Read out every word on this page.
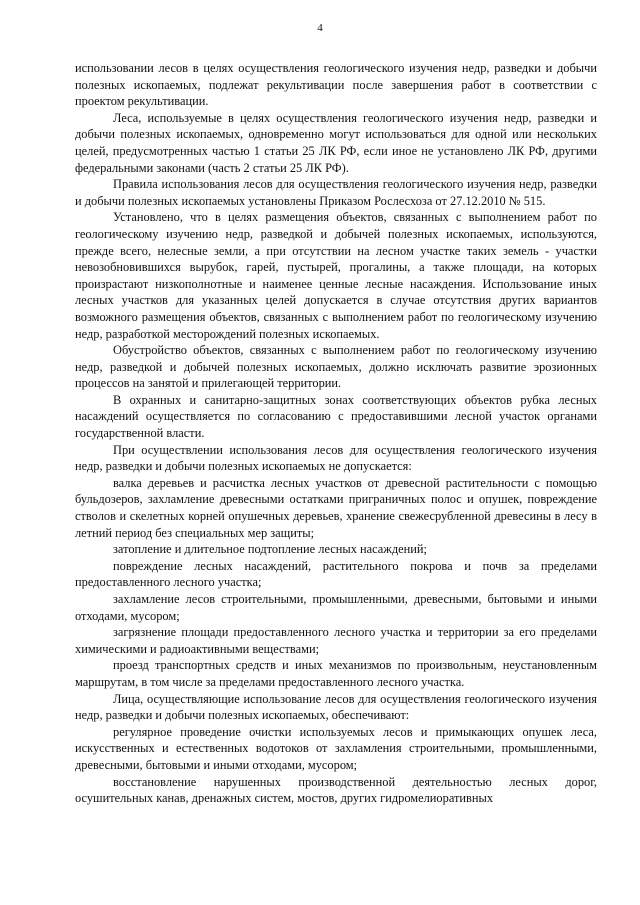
4

использовании лесов в целях осуществления геологического изучения недр, разведки и добычи полезных ископаемых, подлежат рекультивации после завершения работ в соответствии с проектом рекультивации.

Леса, используемые в целях осуществления геологического изучения недр, разведки и добычи полезных ископаемых, одновременно могут использоваться для одной или нескольких целей, предусмотренных частью 1 статьи 25 ЛК РФ, если иное не установлено ЛК РФ, другими федеральными законами (часть 2 статьи 25 ЛК РФ).

Правила использования лесов для осуществления геологического изучения недр, разведки и добычи полезных ископаемых установлены Приказом Рослесхоза от 27.12.2010 № 515.

Установлено, что в целях размещения объектов, связанных с выполнением работ по геологическому изучению недр, разведкой и добычей полезных ископаемых, используются, прежде всего, нелесные земли, а при отсутствии на лесном участке таких земель - участки невозобновившихся вырубок, гарей, пустырей, прогалины, а также площади, на которых произрастают низкополнотные и наименее ценные лесные насаждения. Использование иных лесных участков для указанных целей допускается в случае отсутствия других вариантов возможного размещения объектов, связанных с выполнением работ по геологическому изучению недр, разработкой месторождений полезных ископаемых.

Обустройство объектов, связанных с выполнением работ по геологическому изучению недр, разведкой и добычей полезных ископаемых, должно исключать развитие эрозионных процессов на занятой и прилегающей территории.

В охранных и санитарно-защитных зонах соответствующих объектов рубка лесных насаждений осуществляется по согласованию с предоставившими лесной участок органами государственной власти.

При осуществлении использования лесов для осуществления геологического изучения недр, разведки и добычи полезных ископаемых не допускается:

валка деревьев и расчистка лесных участков от древесной растительности с помощью бульдозеров, захламление древесными остатками приграничных полос и опушек, повреждение стволов и скелетных корней опушечных деревьев, хранение свежесрубленной древесины в лесу в летний период без специальных мер защиты;

затопление и длительное подтопление лесных насаждений;

повреждение лесных насаждений, растительного покрова и почв за пределами предоставленного лесного участка;

захламление лесов строительными, промышленными, древесными, бытовыми и иными отходами, мусором;

загрязнение площади предоставленного лесного участка и территории за его пределами химическими и радиоактивными веществами;

проезд транспортных средств и иных механизмов по произвольным, неустановленным маршрутам, в том числе за пределами предоставленного лесного участка.

Лица, осуществляющие использование лесов для осуществления геологического изучения недр, разведки и добычи полезных ископаемых, обеспечивают:

регулярное проведение очистки используемых лесов и примыкающих опушек леса, искусственных и естественных водотоков от захламления строительными, промышленными, древесными, бытовыми и иными отходами, мусором;

восстановление нарушенных производственной деятельностью лесных дорог, осушительных канав, дренажных систем, мостов, других гидромелиоративных
